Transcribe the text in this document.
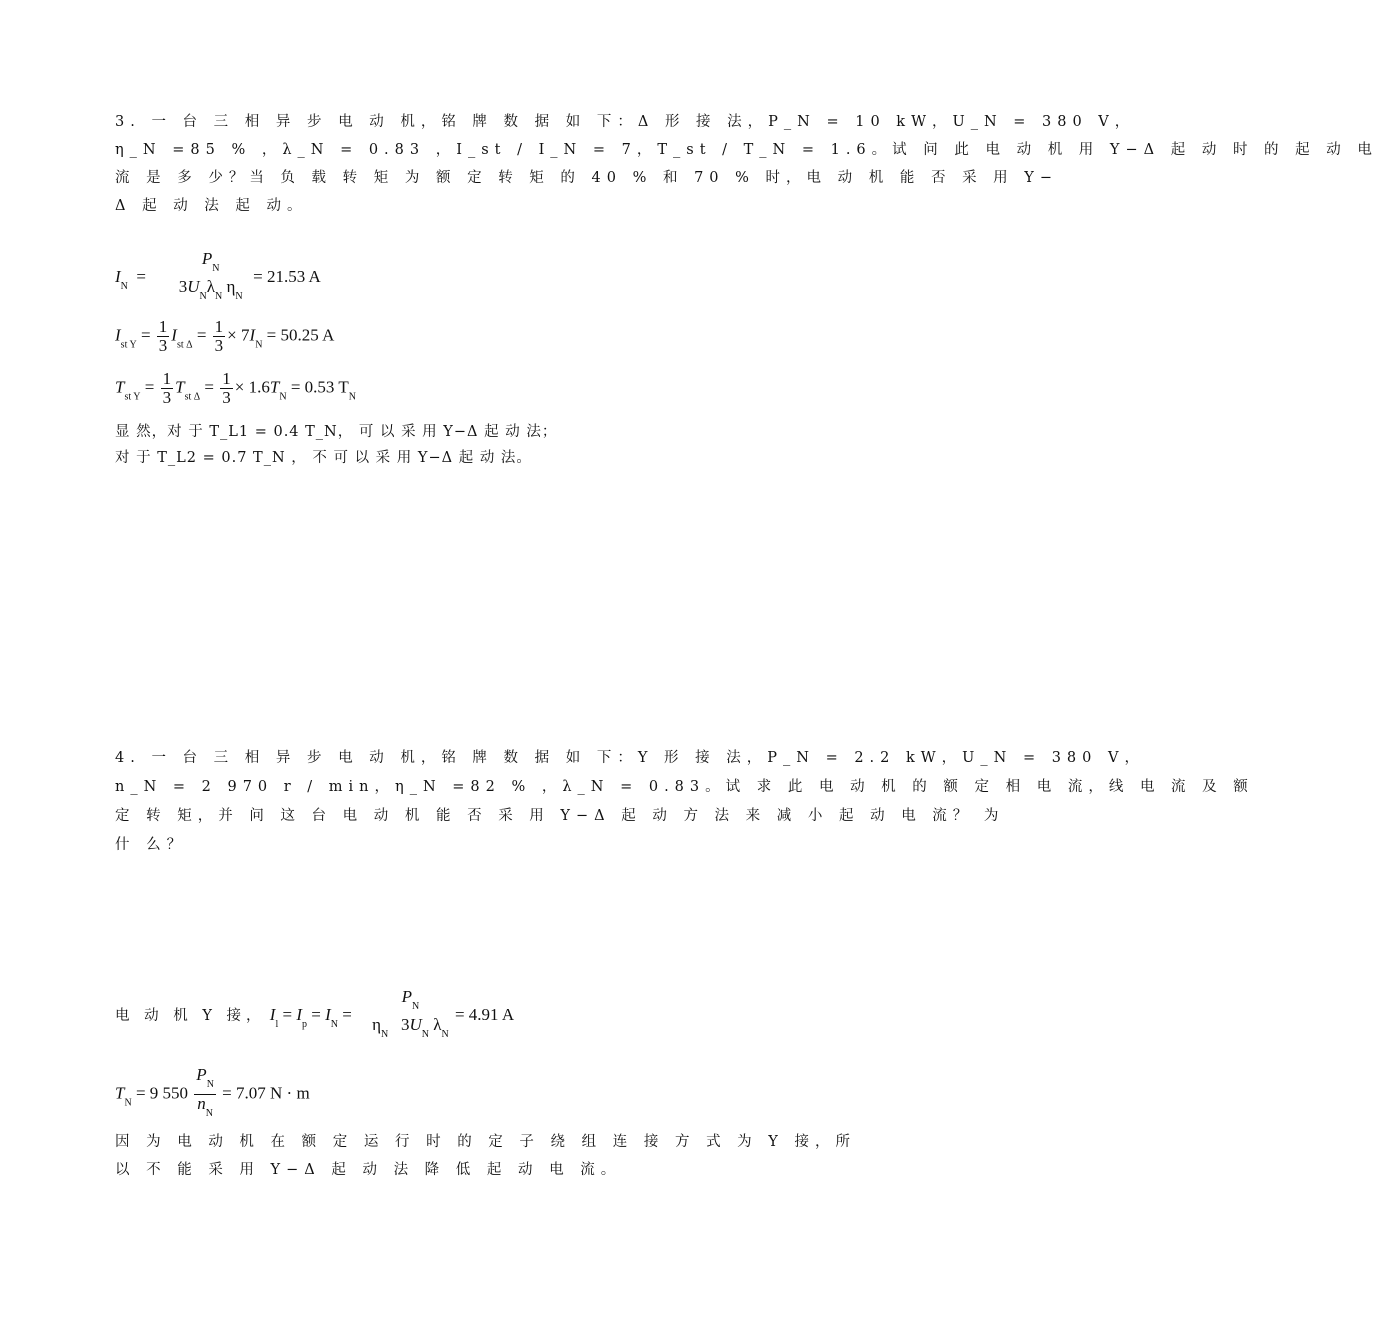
3. 一 台 三 相 异 步 电 动 机，铭 牌 数 据 如 下：Δ 形 接 法，P_N = 10 kW，U_N = 380 V，
η_N =85 % ，λ_N = 0.83 ，I_st / I_N = 7，T_st / T_N = 1.6。试 问 此 电 动 机 用 Y−Δ 起 动 时 的 起 动 电
流 是 多 少？当 负 载 转 矩 为 额 定 转 矩 的 40 % 和 70 % 时，电 动 机 能 否 采 用 Y−
Δ 起 动 法 起 动。
$I_N$  =
$P_N$
$3U_N\lambda_N$ $\eta_N$
= 21.53 A
$I_{st Y} = \frac{1}{3} I_{st \Delta} = \frac{1}{3} \times 7I_N = 50.25$ A
$T_{st Y} = \frac{1}{3} T_{st \Delta} = \frac{1}{3} \times 1.6T_N = 0.53$ $T_N$
显 然，对 于 T_L1 = 0.4 T_N， 可 以 采 用 Y−Δ 起 动 法；
对 于 T_L2 = 0.7 T_N ， 不 可 以 采 用 Y−Δ 起 动 法。
4. 一 台 三 相 异 步 电 动 机，铭 牌 数 据 如 下：Y 形 接 法，P_N = 2.2 kW，U_N = 380 V，
n_N = 2 970 r / min，η_N =82 % ，λ_N = 0.83。试 求 此 电 动 机 的 额 定 相 电 流，线 电 流 及 额
定 转 矩，并 问 这 台 电 动 机 能 否 采 用 Y−Δ 起 动 方 法 来 减 小 起 动 电 流？ 为
什 么？
电 动 机 Y 接， $I_l = I_p = I_N$ =
$P_N$
$\eta_N$   $3U_N$ $\lambda_N$
= 4.91 A
$T_N = 9$ $550 \frac{P_N}{n_N} = 7.07$ N · m
因 为 电 动 机 在 额 定 运 行 时 的 定 子 绕 组 连 接 方 式 为 Y 接，所
以 不 能 采 用 Y−Δ 起 动 法 降 低 起 动 电 流。
